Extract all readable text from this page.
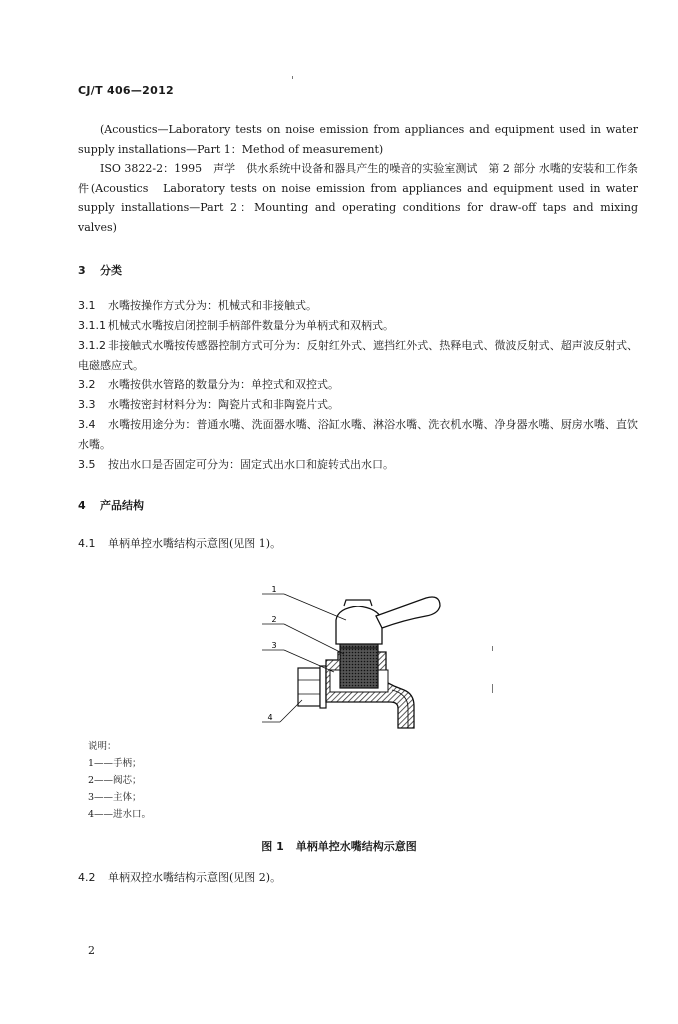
CJ/T 406—2012
(Acoustics—Laboratory tests on noise emission from appliances and equipment used in water supply installations—Part 1：Method of measurement)
ISO 3822-2：1995　声学　供水系统中设备和器具产生的噪音的实验室测试　第 2 部分 水嘴的安装和工作条件(Acoustics　Laboratory tests on noise emission from appliances and equipment used in water supply installations—Part 2：Mounting and operating conditions for draw-off taps and mixing valves)
3 分类
3.1 水嘴按操作方式分为：机械式和非接触式。
3.1.1 机械式水嘴按启闭控制手柄部件数量分为单柄式和双柄式。
3.1.2 非接触式水嘴按传感器控制方式可分为：反射红外式、遮挡红外式、热释电式、微波反射式、超声波反射式、电磁感应式。
3.2 水嘴按供水管路的数量分为：单控式和双控式。
3.3 水嘴按密封材料分为：陶瓷片式和非陶瓷片式。
3.4 水嘴按用途分为：普通水嘴、洗面器水嘴、浴缸水嘴、淋浴水嘴、洗衣机水嘴、净身器水嘴、厨房水嘴、直饮水嘴。
3.5 按出水口是否固定可分为：固定式出水口和旋转式出水口。
4 产品结构
4.1 单柄单控水嘴结构示意图(见图 1)。
1
2
3
4
说明：
1——手柄；
2——阀芯；
3——主体；
4——进水口。
图 1 单柄单控水嘴结构示意图
4.2 单柄双控水嘴结构示意图(见图 2)。
2
